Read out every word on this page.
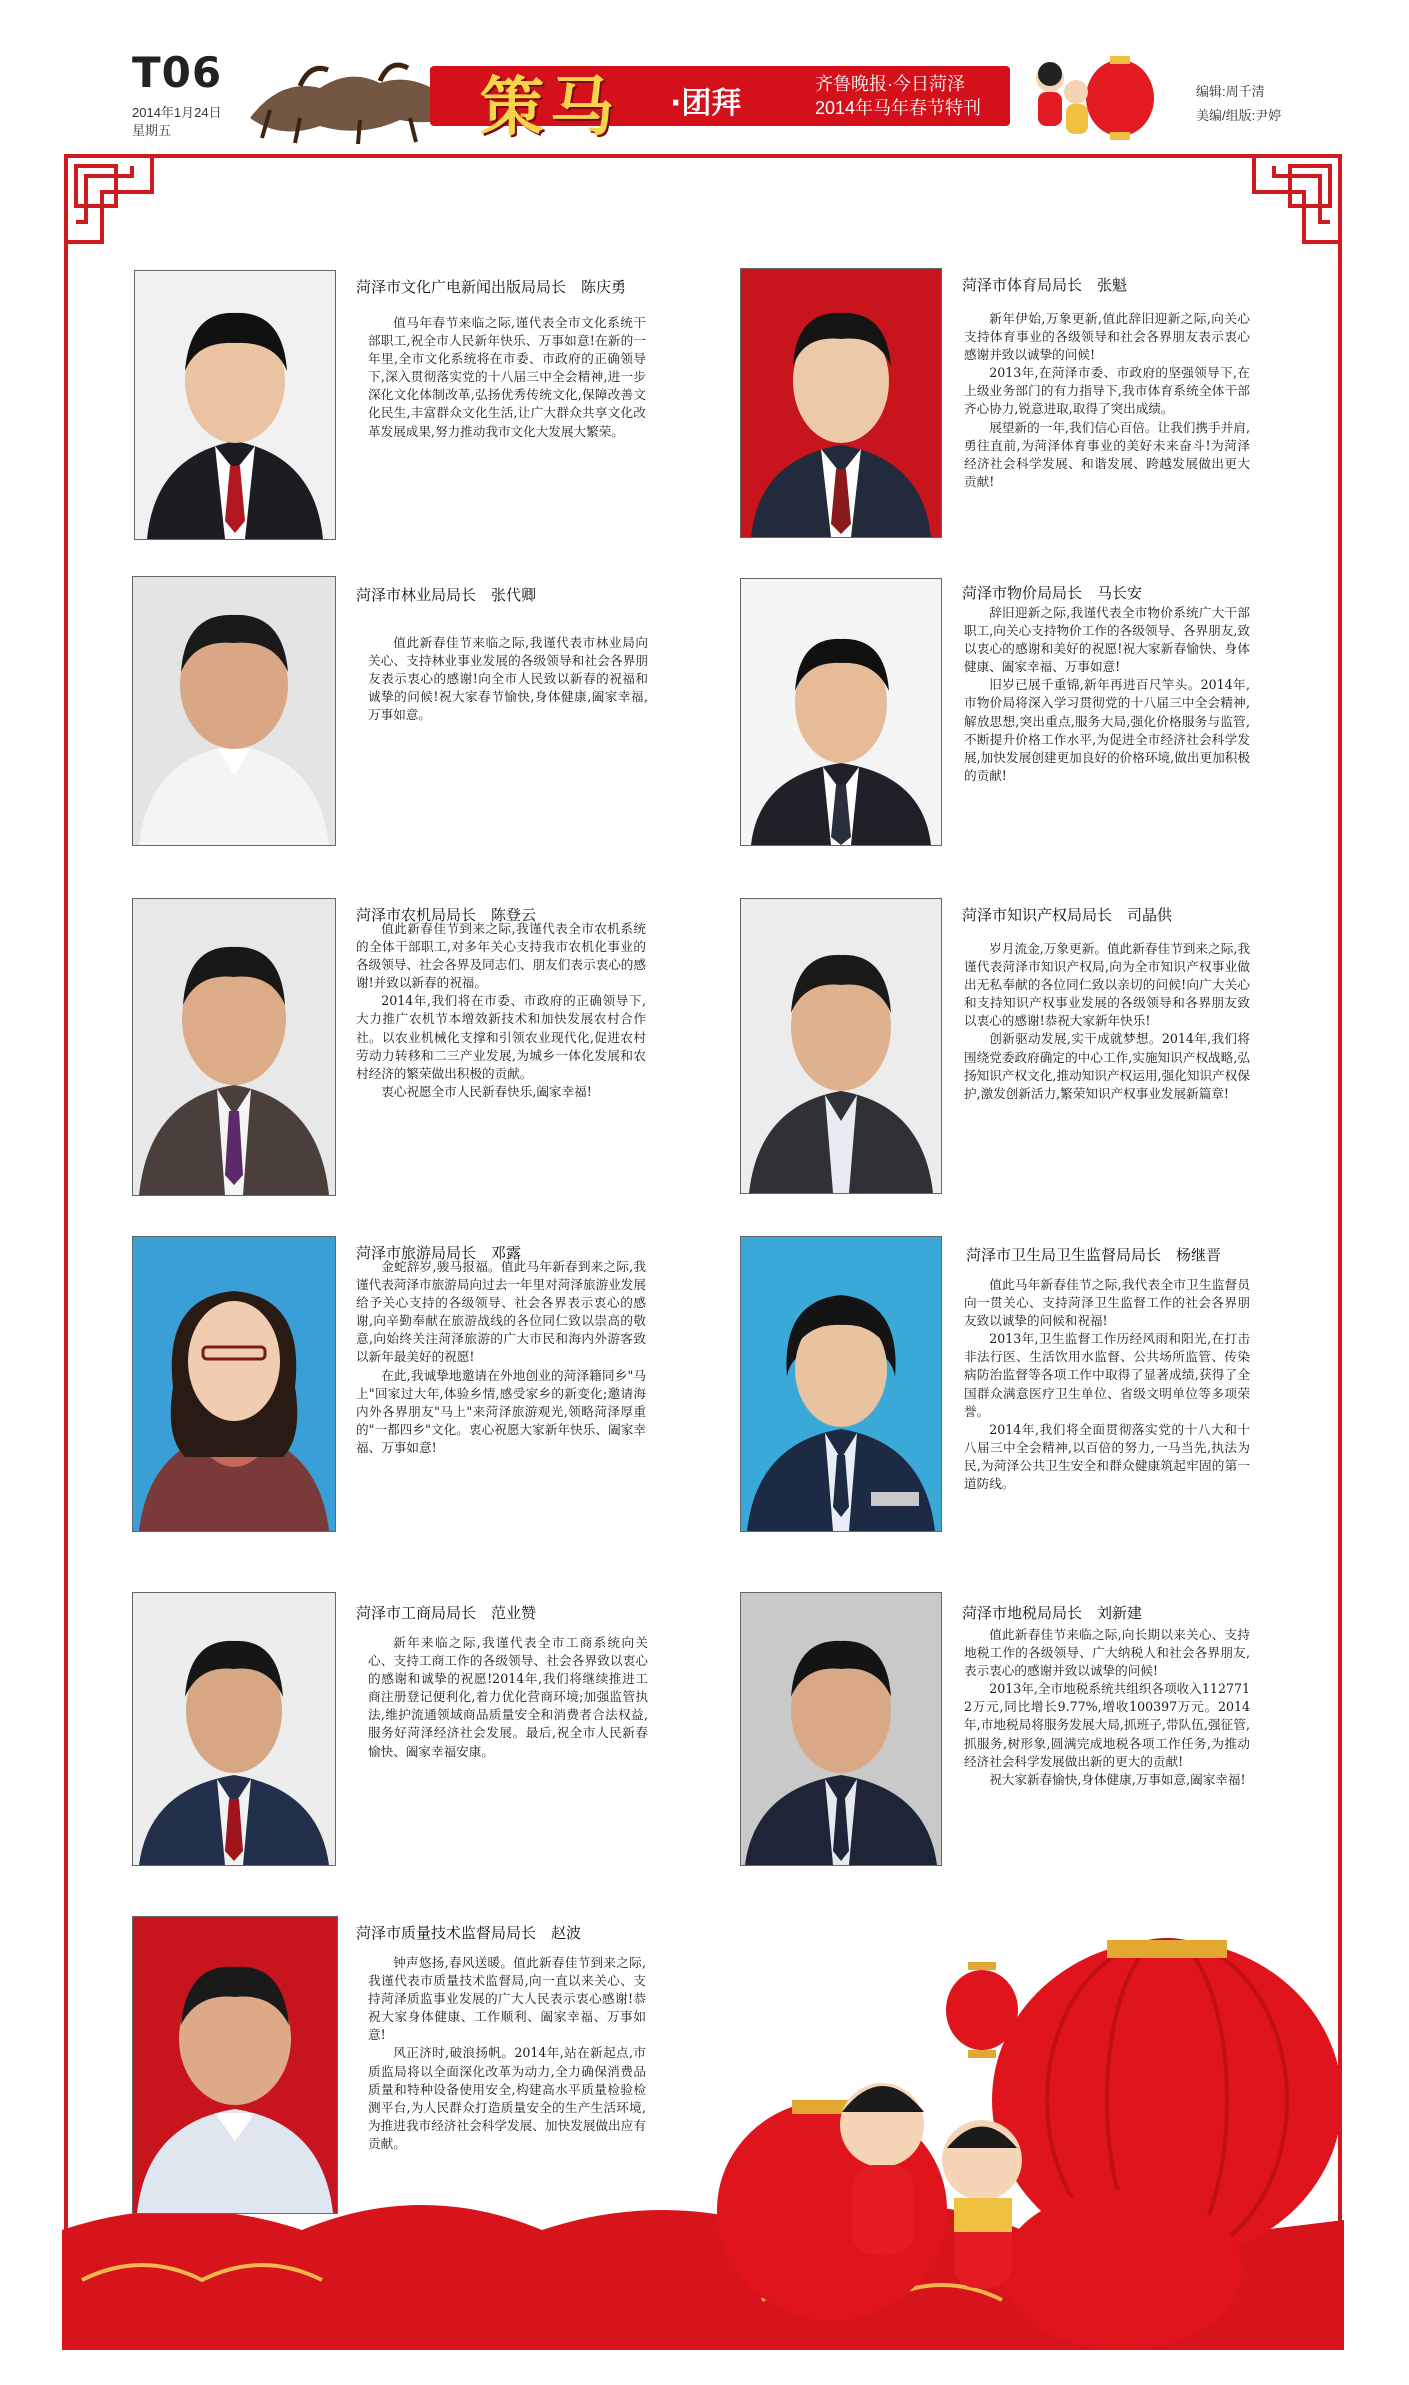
T06
2014年1月24日
星期五	策马 ·团拜
齐鲁晚报·今日菏泽
2014年马年春节特刊
编辑:周千清
美编/组版:尹婷
菏泽市文化广电新闻出版局局长　陈庆勇

值马年春节来临之际,谨代表全市文化系统干部职工,祝全市人民新年快乐、万事如意!在新的一年里,全市文化系统将在市委、市政府的正确领导下,深入贯彻落实党的十八届三中全会精神,进一步深化文化体制改革,弘扬优秀传统文化,保障改善文化民生,丰富群众文化生活,让广大群众共享文化改革发展成果,努力推动我市文化大发展大繁荣。

菏泽市体育局局长　张魁

新年伊始,万象更新,值此辞旧迎新之际,向关心支持体育事业的各级领导和社会各界朋友表示衷心感谢并致以诚挚的问候!

2013年,在菏泽市委、市政府的坚强领导下,在上级业务部门的有力指导下,我市体育系统全体干部齐心协力,锐意进取,取得了突出成绩。

展望新的一年,我们信心百倍。让我们携手并肩,勇往直前,为菏泽体育事业的美好未来奋斗!为菏泽经济社会科学发展、和谐发展、跨越发展做出更大贡献!

菏泽市林业局局长　张代卿

值此新春佳节来临之际,我谨代表市林业局向关心、支持林业事业发展的各级领导和社会各界朋友表示衷心的感谢!向全市人民致以新春的祝福和诚挚的问候!祝大家春节愉快,身体健康,阖家幸福,万事如意。

菏泽市物价局局长　马长安

辞旧迎新之际,我谨代表全市物价系统广大干部职工,向关心支持物价工作的各级领导、各界朋友,致以衷心的感谢和美好的祝愿!祝大家新春愉快、身体健康、阖家幸福、万事如意!

旧岁已展千重锦,新年再进百尺竿头。2014年,市物价局将深入学习贯彻党的十八届三中全会精神,解放思想,突出重点,服务大局,强化价格服务与监管,不断提升价格工作水平,为促进全市经济社会科学发展,加快发展创建更加良好的价格环境,做出更加积极的贡献!

菏泽市农机局局长　陈登云

值此新春佳节到来之际,我谨代表全市农机系统的全体干部职工,对多年关心支持我市农机化事业的各级领导、社会各界及同志们、朋友们表示衷心的感谢!并致以新春的祝福。

2014年,我们将在市委、市政府的正确领导下,大力推广农机节本增效新技术和加快发展农村合作社。以农业机械化支撑和引领农业现代化,促进农村劳动力转移和二三产业发展,为城乡一体化发展和农村经济的繁荣做出积极的贡献。

衷心祝愿全市人民新春快乐,阖家幸福!

菏泽市知识产权局局长　司晶供

岁月流金,万象更新。值此新春佳节到来之际,我谨代表菏泽市知识产权局,向为全市知识产权事业做出无私奉献的各位同仁致以亲切的问候!向广大关心和支持知识产权事业发展的各级领导和各界朋友致以衷心的感谢!恭祝大家新年快乐!

创新驱动发展,实干成就梦想。2014年,我们将围绕党委政府确定的中心工作,实施知识产权战略,弘扬知识产权文化,推动知识产权运用,强化知识产权保护,激发创新活力,繁荣知识产权事业发展新篇章!

菏泽市旅游局局长　邓露

金蛇辞岁,骏马报福。值此马年新春到来之际,我谨代表菏泽市旅游局向过去一年里对菏泽旅游业发展给予关心支持的各级领导、社会各界表示衷心的感谢,向辛勤奉献在旅游战线的各位同仁致以崇高的敬意,向始终关注菏泽旅游的广大市民和海内外游客致以新年最美好的祝愿!

在此,我诚挚地邀请在外地创业的菏泽籍同乡"马上"回家过大年,体验乡情,感受家乡的新变化;邀请海内外各界朋友"马上"来菏泽旅游观光,领略菏泽厚重的"一都四乡"文化。衷心祝愿大家新年快乐、阖家幸福、万事如意!

菏泽市卫生局卫生监督局局长　杨继晋

值此马年新春佳节之际,我代表全市卫生监督员向一贯关心、支持菏泽卫生监督工作的社会各界朋友致以诚挚的问候和祝福!

2013年,卫生监督工作历经风雨和阳光,在打击非法行医、生活饮用水监督、公共场所监管、传染病防治监督等各项工作中取得了显著成绩,获得了全国群众满意医疗卫生单位、省级文明单位等多项荣誉。

2014年,我们将全面贯彻落实党的十八大和十八届三中全会精神,以百倍的努力,一马当先,执法为民,为菏泽公共卫生安全和群众健康筑起牢固的第一道防线。

菏泽市工商局局长　范业赞

新年来临之际,我谨代表全市工商系统向关心、支持工商工作的各级领导、社会各界致以衷心的感谢和诚挚的祝愿!2014年,我们将继续推进工商注册登记便利化,着力优化营商环境;加强监管执法,维护流通领域商品质量安全和消费者合法权益,服务好菏泽经济社会发展。最后,祝全市人民新春愉快、阖家幸福安康。

菏泽市地税局局长　刘新建

值此新春佳节来临之际,向长期以来关心、支持地税工作的各级领导、广大纳税人和社会各界朋友,表示衷心的感谢并致以诚挚的问候!

2013年,全市地税系统共组织各项收入1127712万元,同比增长9.77%,增收100397万元。2014年,市地税局将服务发展大局,抓班子,带队伍,强征管,抓服务,树形象,圆满完成地税各项工作任务,为推动经济社会科学发展做出新的更大的贡献!

祝大家新春愉快,身体健康,万事如意,阖家幸福!

菏泽市质量技术监督局局长　赵波

钟声悠扬,春风送暖。值此新春佳节到来之际,我谨代表市质量技术监督局,向一直以来关心、支持菏泽质监事业发展的广大人民表示衷心感谢!恭祝大家身体健康、工作顺利、阖家幸福、万事如意!

风正济时,破浪扬帆。2014年,站在新起点,市质监局将以全面深化改革为动力,全力确保消费品质量和特种设备使用安全,构建高水平质量检验检测平台,为人民群众打造质量安全的生产生活环境,为推进我市经济社会科学发展、加快发展做出应有贡献。
